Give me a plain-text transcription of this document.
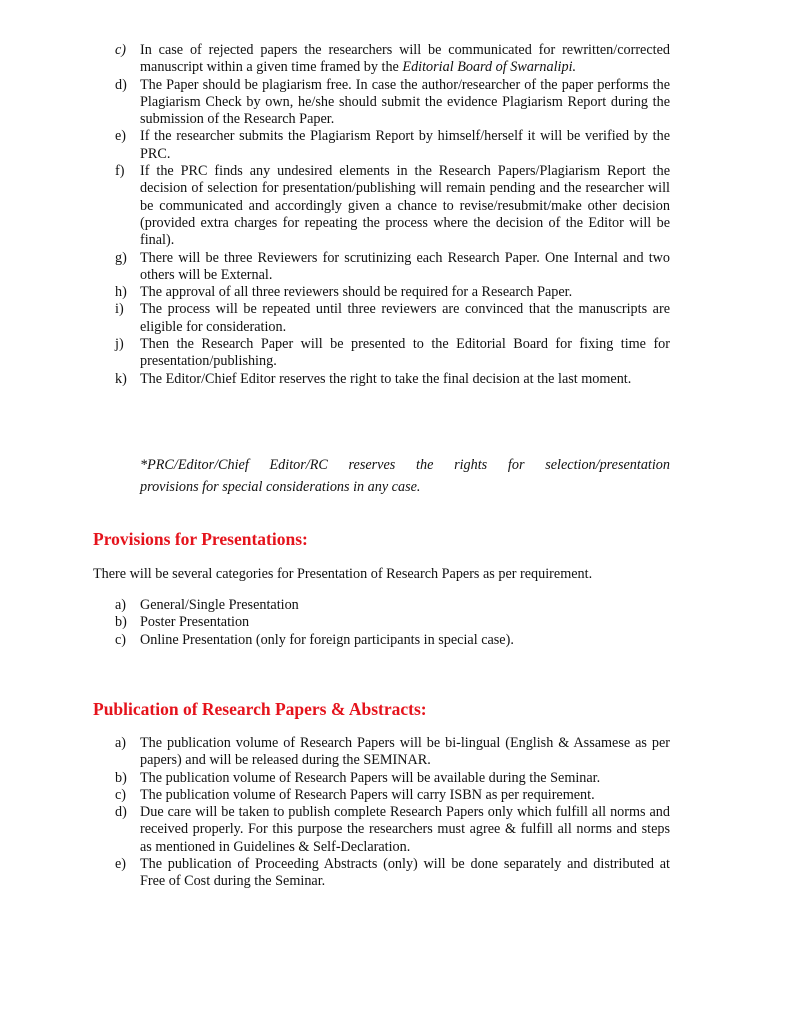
c) In case of rejected papers the researchers will be communicated for rewritten/corrected manuscript within a given time framed by the Editorial Board of Swarnalipi.
d) The Paper should be plagiarism free. In case the author/researcher of the paper performs the Plagiarism Check by own, he/she should submit the evidence Plagiarism Report during the submission of the Research Paper.
e) If the researcher submits the Plagiarism Report by himself/herself it will be verified by the PRC.
f) If the PRC finds any undesired elements in the Research Papers/Plagiarism Report the decision of selection for presentation/publishing will remain pending and the researcher will be communicated and accordingly given a chance to revise/resubmit/make other decision (provided extra charges for repeating the process where the decision of the Editor will be final).
g) There will be three Reviewers for scrutinizing each Research Paper. One Internal and two others will be External.
h) The approval of all three reviewers should be required for a Research Paper.
i) The process will be repeated until three reviewers are convinced that the manuscripts are eligible for consideration.
j) Then the Research Paper will be presented to the Editorial Board for fixing time for presentation/publishing.
k) The Editor/Chief Editor reserves the right to take the final decision at the last moment.
*PRC/Editor/Chief Editor/RC reserves the rights for selection/presentation
provisions for special considerations in any case.
Provisions for Presentations:

There will be several categories for Presentation of Research Papers as per requirement.

a) General/Single Presentation
b) Poster Presentation
c) Online Presentation (only for foreign participants in special case).
Publication of Research Papers & Abstracts:
a) The publication volume of Research Papers will be bi-lingual (English & Assamese as per papers) and will be released during the SEMINAR.
b) The publication volume of Research Papers will be available during the Seminar.
c) The publication volume of Research Papers will carry ISBN as per requirement.
d) Due care will be taken to publish complete Research Papers only which fulfill all norms and received properly. For this purpose the researchers must agree & fulfill all norms and steps as mentioned in Guidelines & Self-Declaration.
e) The publication of Proceeding Abstracts (only) will be done separately and distributed at Free of Cost during the Seminar.
